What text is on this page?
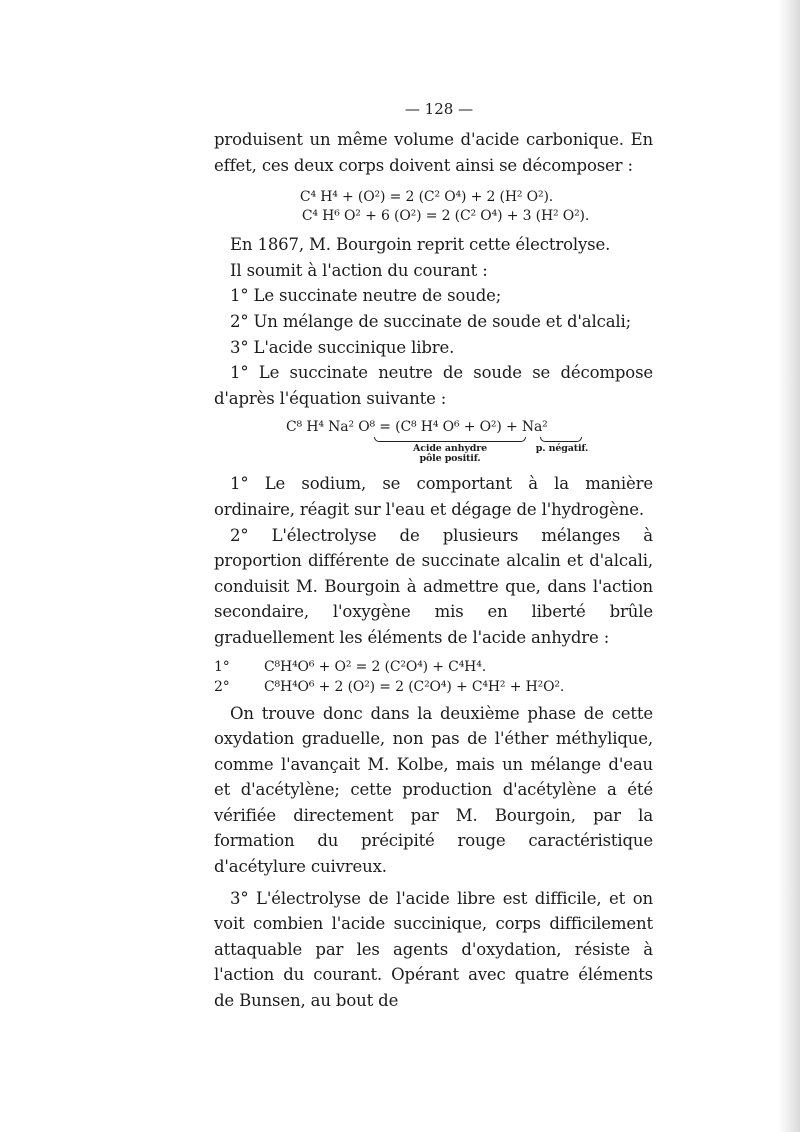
— 128 —

produisent un même volume d'acide carbonique. En effet, ces deux corps doivent ainsi se décomposer :

C⁴ H⁴ + (O²) = 2 (C² O⁴) + 2 (H² O²).
C⁴ H⁶ O² + 6 (O²) = 2 (C² O⁴) + 3 (H² O²).

En 1867, M. Bourgoin reprit cette électrolyse.

Il soumit à l'action du courant :

1° Le succinate neutre de soude;

2° Un mélange de succinate de soude et d'alcali;

3° L'acide succinique libre.

1° Le succinate neutre de soude se décompose d'après l'équation suivante :

C⁸ H⁴ Na² O⁸ = (C⁸ H⁴ O⁶ + O²) + Na²
Acide anhydre
pôle positif.
p. négatif.

1° Le sodium, se comportant à la manière ordinaire, réagit sur l'eau et dégage de l'hydrogène.

2° L'électrolyse de plusieurs mélanges à proportion différente de succinate alcalin et d'alcali, conduisit M. Bourgoin à admettre que, dans l'action secondaire, l'oxygène mis en liberté brûle graduellement les éléments de l'acide anhydre :

1°	C⁸H⁴O⁶ + O² = 2 (C²O⁴) + C⁴H⁴.
2°	C⁸H⁴O⁶ + 2 (O²) = 2 (C²O⁴) + C⁴H² + H²O².

On trouve donc dans la deuxième phase de cette oxydation graduelle, non pas de l'éther méthylique, comme l'avançait M. Kolbe, mais un mélange d'eau et d'acétylène; cette production d'acétylène a été vérifiée directement par M. Bourgoin, par la formation du précipité rouge caractéristique d'acétylure cuivreux.

3° L'électrolyse de l'acide libre est difficile, et on voit combien l'acide succinique, corps difficilement attaquable par les agents d'oxydation, résiste à l'action du courant. Opérant avec quatre éléments de Bunsen, au bout de
